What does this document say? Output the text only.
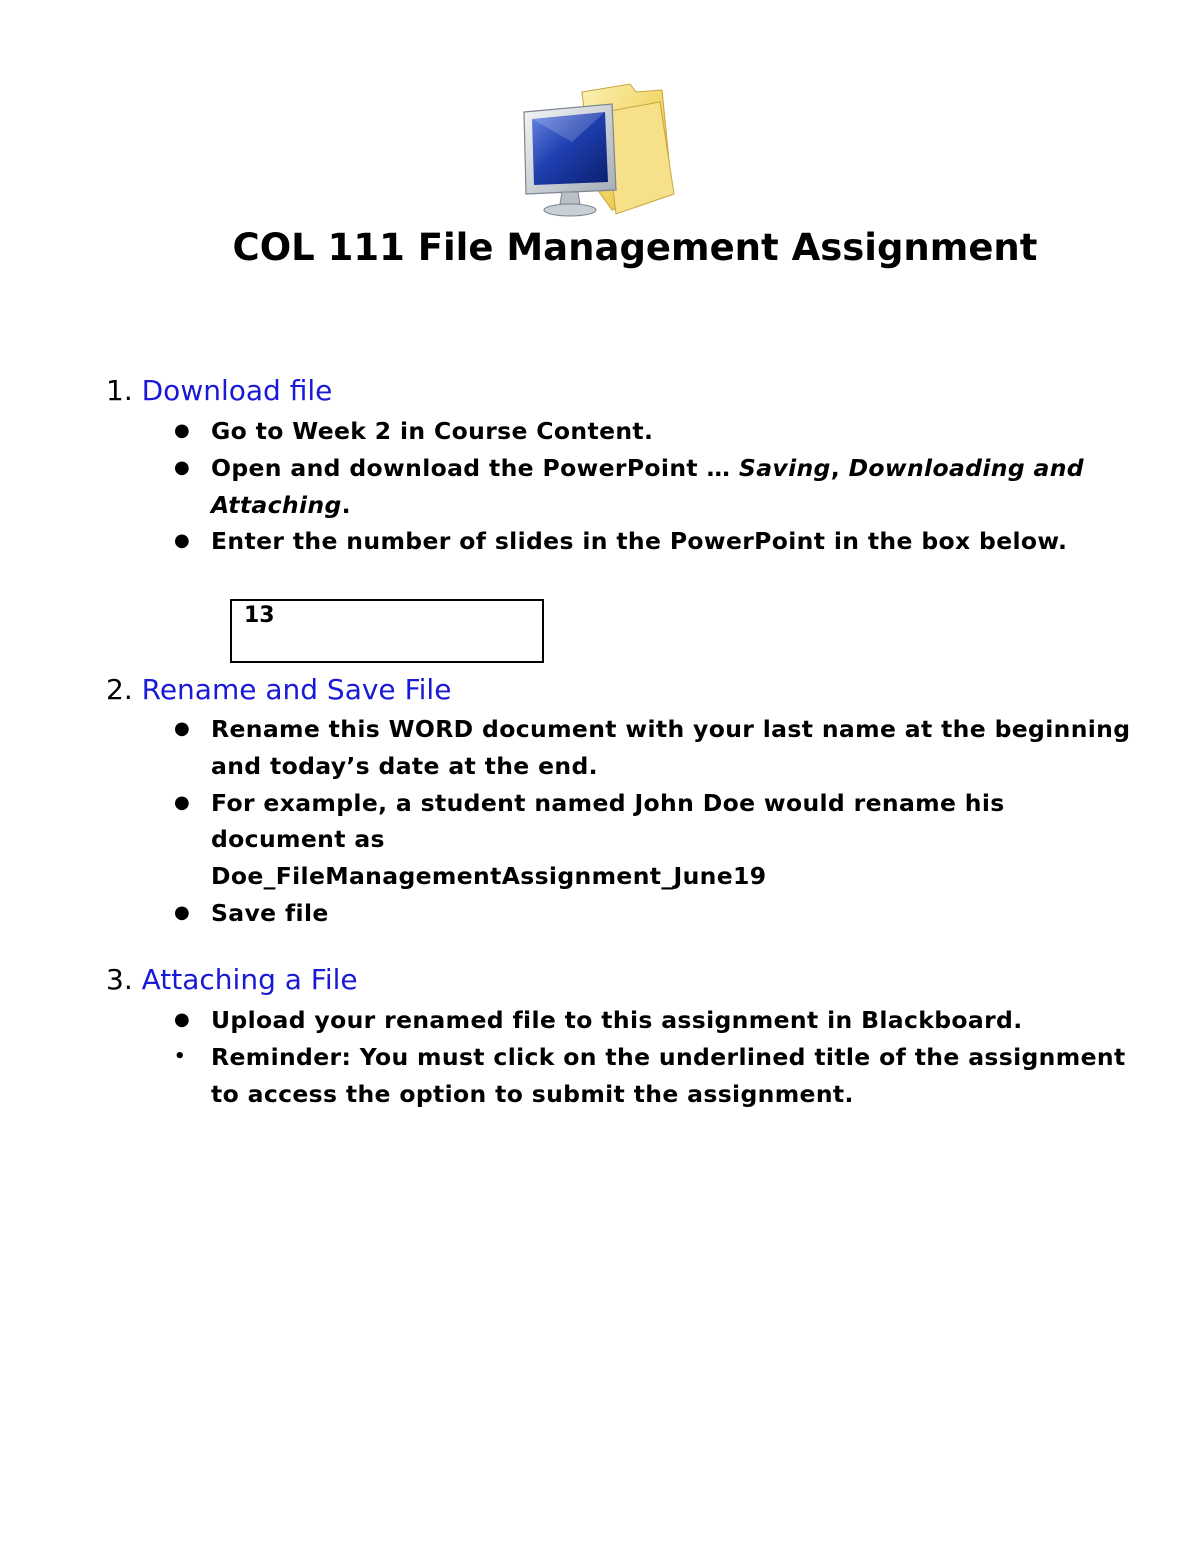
COL 111 File Management Assignment
1. Download file
● Go to Week 2 in Course Content.
● Open and download the PowerPoint … Saving, Downloading and Attaching.
● Enter the number of slides in the PowerPoint in the box below.
13
2. Rename and Save File
● Rename this WORD document with your last name at the beginning and today’s date at the end.
● For example, a student named John Doe would rename his document as
Doe_FileManagementAssignment_June19
● Save file
3. Attaching a File
● Upload your renamed file to this assignment in Blackboard.
• Reminder: You must click on the underlined title of the assignment to access the option to submit the assignment.
